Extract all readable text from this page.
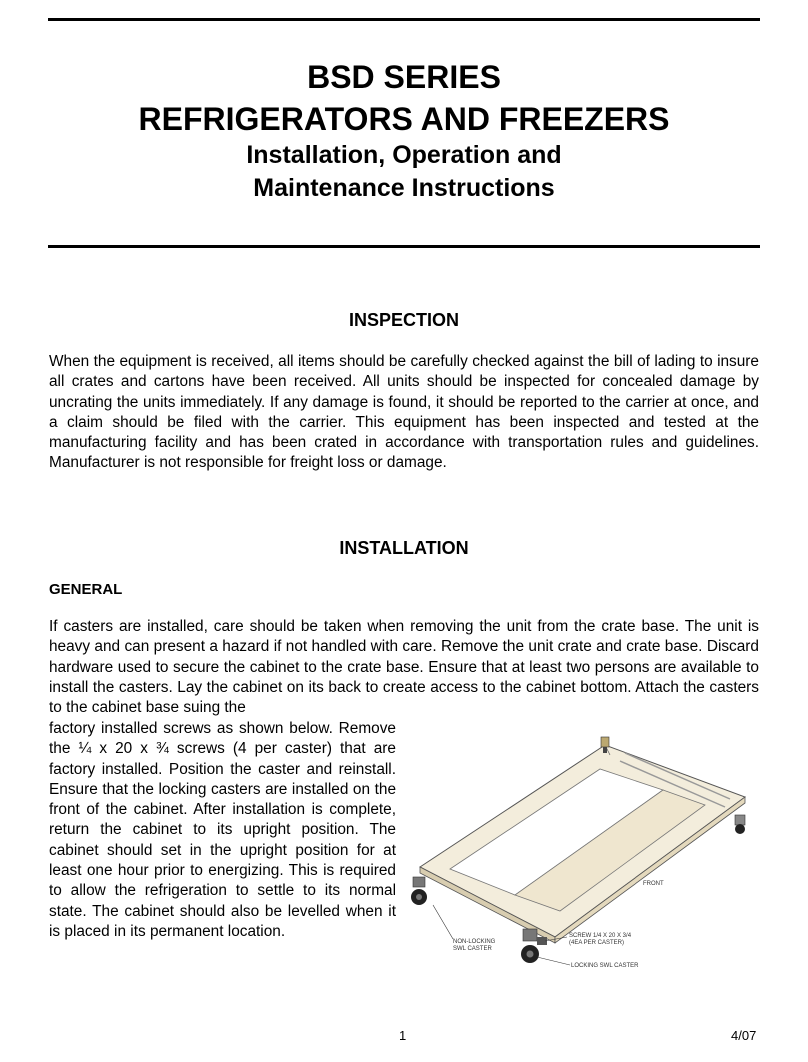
BSD SERIES
REFRIGERATORS AND FREEZERS
Installation, Operation and
Maintenance Instructions
INSPECTION

When the equipment is received, all items should be carefully checked against the bill of lading to insure all crates and cartons have been received. All units should be inspected for concealed damage by uncrating the units immediately. If any damage is found, it should be reported to the carrier at once, and a claim should be filed with the carrier. This equipment has been inspected and tested at the manufacturing facility and has been crated in accordance with transportation rules and guidelines. Manufacturer is not responsible for freight loss or damage.

INSTALLATION
GENERAL

If casters are installed, care should be taken when removing the unit from the crate base. The unit is heavy and can present a hazard if not handled with care. Remove the unit crate and crate base. Discard hardware used to secure the cabinet to the crate base. Ensure that at least two persons are available to install the casters. Lay the cabinet on its back to create access to the cabinet bottom. Attach the casters to the cabinet base suing the

factory installed screws as shown below. Remove the ¼ x 20 x ¾ screws (4 per caster) that are factory installed. Position the caster and reinstall. Ensure that the locking casters are installed on the front of the cabinet. After installation is complete, return the cabinet to its upright position. The cabinet should set in the upright position for at least one hour prior to energizing. This is required to allow the refrigeration to settle to its normal state. The cabinet should also be levelled when it is placed in its permanent location.

FRONT
NON-LOCKING
SWL CASTER
SCREW 1/4 X 20 X 3/4
(4EA PER CASTER)
LOCKING SWL CASTER
1	4/07
